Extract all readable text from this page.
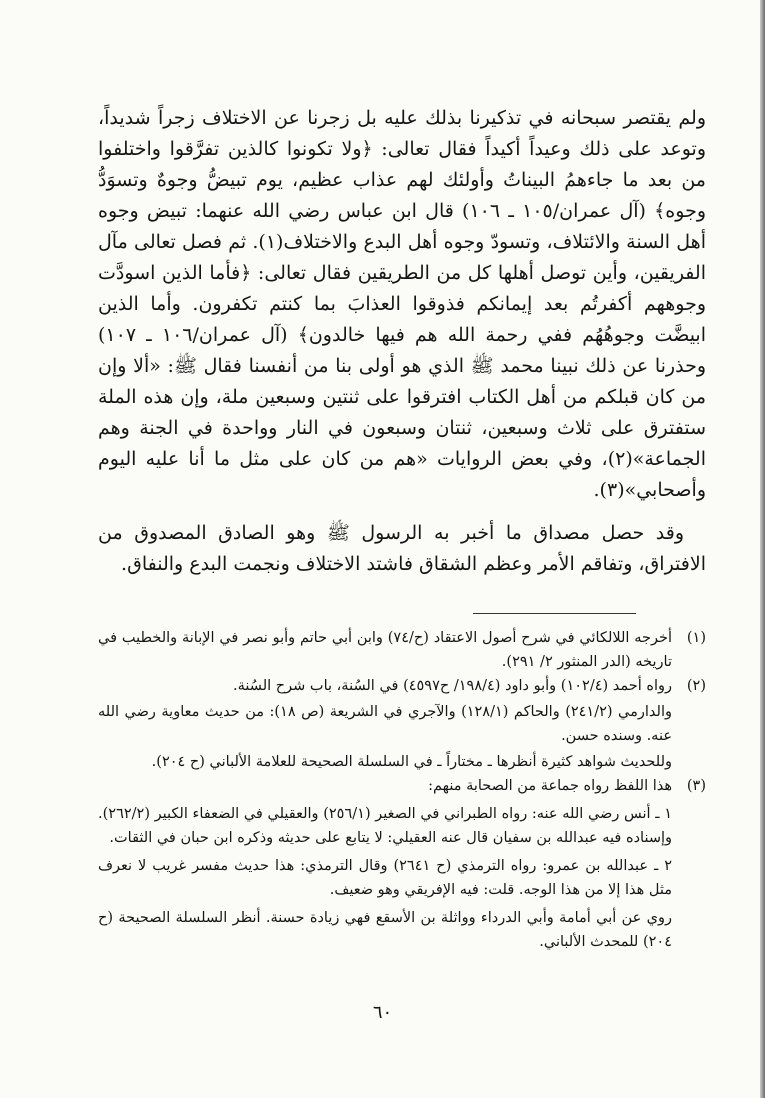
ولم يقتصر سبحانه في تذكيرنا بذلك عليه بل زجرنا عن الاختلاف زجراً شديداً، وتوعد على ذلك وعيداً أكيداً فقال تعالى: ﴿ولا تكونوا كالذين تفرَّقوا واختلفوا من بعد ما جاءهمُ البيناتُ وأولئك لهم عذاب عظيم، يوم تبيضُّ وجوهٌ وتسوَدُّ وجوه﴾ (آل عمران/١٠٥ ـ ١٠٦) قال ابن عباس رضي الله عنهما: تبيض وجوه أهل السنة والائتلاف، وتسودّ وجوه أهل البدع والاختلاف(١). ثم فصل تعالى مآل الفريقين، وأين توصل أهلها كل من الطريقين فقال تعالى: ﴿فأما الذين اسودَّت وجوههم أكفرتُم بعد إيمانكم فذوقوا العذابَ بما كنتم تكفرون. وأما الذين ابيضَّت وجوهُهُم ففي رحمة الله هم فيها خالدون﴾ (آل عمران/١٠٦ ـ ١٠٧) وحذرنا عن ذلك نبينا محمد ﷺ الذي هو أولى بنا من أنفسنا فقال ﷺ: «ألا وإن من كان قبلكم من أهل الكتاب افترقوا على ثنتين وسبعين ملة، وإن هذه الملة ستفترق على ثلاث وسبعين، ثنتان وسبعون في النار وواحدة في الجنة وهم الجماعة»(٢)، وفي بعض الروايات «هم من كان على مثل ما أنا عليه اليوم وأصحابي»(٣).

وقد حصل مصداق ما أخبر به الرسول ﷺ وهو الصادق المصدوق من الافتراق، وتفاقم الأمر وعظم الشقاق فاشتد الاختلاف ونجمت البدع والنفاق.

(١)

أخرجه اللالكائي في شرح أصول الاعتقاد (ح/٧٤) وابن أبي حاتم وأبو نصر في الإبانة والخطيب في تاريخه (الدر المنثور ٢/ ٢٩١).

(٢)

رواه أحمد (١٠٢/٤) وأبو داود (١٩٨/٤/ ح٤٥٩٧) في السُنة، باب شرح السُنة.

والدارمي (٢٤١/٢) والحاكم (١٢٨/١) والآجري في الشريعة (ص ١٨): من حديث معاوية رضي الله عنه. وسنده حسن.

وللحديث شواهد كثيرة أنظرها ـ مختاراً ـ في السلسلة الصحيحة للعلامة الألباني (ح ٢٠٤).

(٣)

هذا اللفظ رواه جماعة من الصحابة منهم:

١ ـ أنس رضي الله عنه: رواه الطبراني في الصغير (٢٥٦/١) والعقيلي في الضعفاء الكبير (٢٦٢/٢). وإسناده فيه عبدالله بن سفيان قال عنه العقيلي: لا يتابع على حديثه وذكره ابن حبان في الثقات.

٢ ـ عبدالله بن عمرو: رواه الترمذي (ح ٢٦٤١) وقال الترمذي: هذا حديث مفسر غريب لا نعرف مثل هذا إلا من هذا الوجه. قلت: فيه الإفريقي وهو ضعيف.

روي عن أبي أمامة وأبي الدرداء وواثلة بن الأسقع فهي زيادة حسنة. أنظر السلسلة الصحيحة (ح ٢٠٤) للمحدث الألباني.

٦٠
